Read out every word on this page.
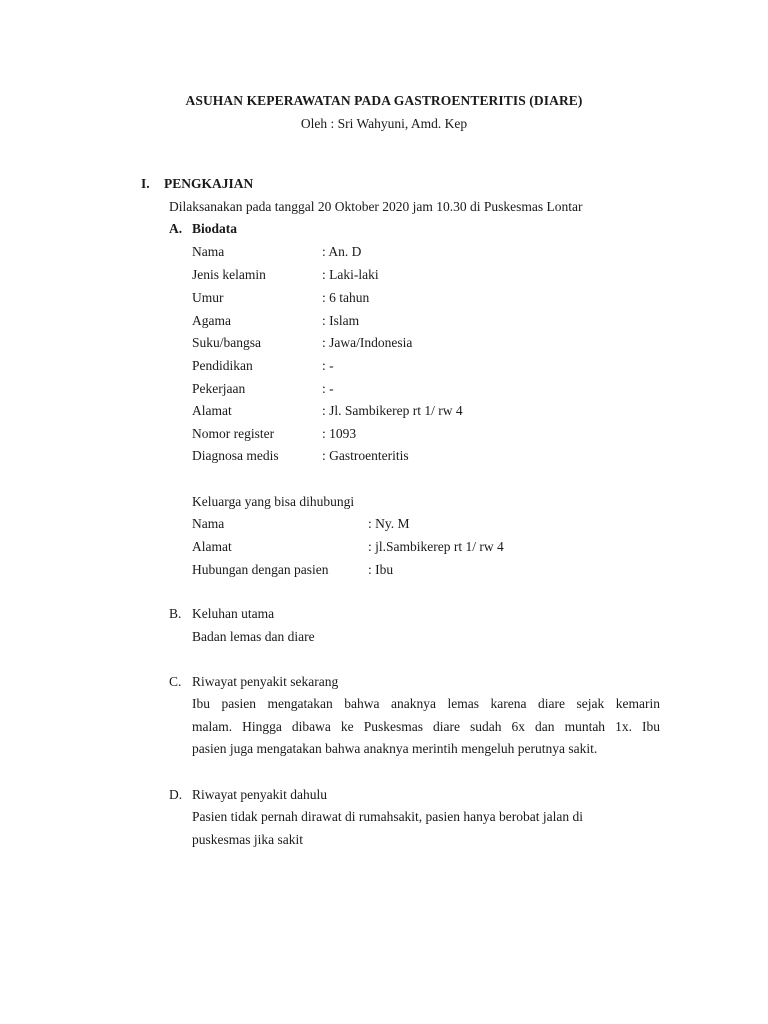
ASUHAN KEPERAWATAN PADA GASTROENTERITIS (DIARE)
Oleh : Sri Wahyuni, Amd. Kep
I. PENGKAJIAN
Dilaksanakan pada tanggal 20 Oktober 2020 jam 10.30 di Puskesmas Lontar
A. Biodata
Nama	: An. D
Jenis kelamin	: Laki-laki
Umur	: 6 tahun
Agama	: Islam
Suku/bangsa	: Jawa/Indonesia
Pendidikan	: -
Pekerjaan	: -
Alamat	: Jl. Sambikerep rt 1/ rw 4
Nomor register	: 1093
Diagnosa medis	: Gastroenteritis
Keluarga yang bisa dihubungi
Nama	: Ny. M
Alamat	: jl.Sambikerep rt 1/ rw 4
Hubungan dengan pasien	: Ibu
B. Keluhan utama
Badan lemas dan diare
C. Riwayat penyakit sekarang
Ibu pasien mengatakan bahwa anaknya lemas karena diare sejak kemarin
malam. Hingga dibawa ke Puskesmas diare sudah 6x dan muntah 1x. Ibu
pasien juga mengatakan bahwa anaknya merintih mengeluh perutnya sakit.
D. Riwayat penyakit dahulu
Pasien tidak pernah dirawat di rumahsakit, pasien hanya berobat jalan di
puskesmas jika sakit
